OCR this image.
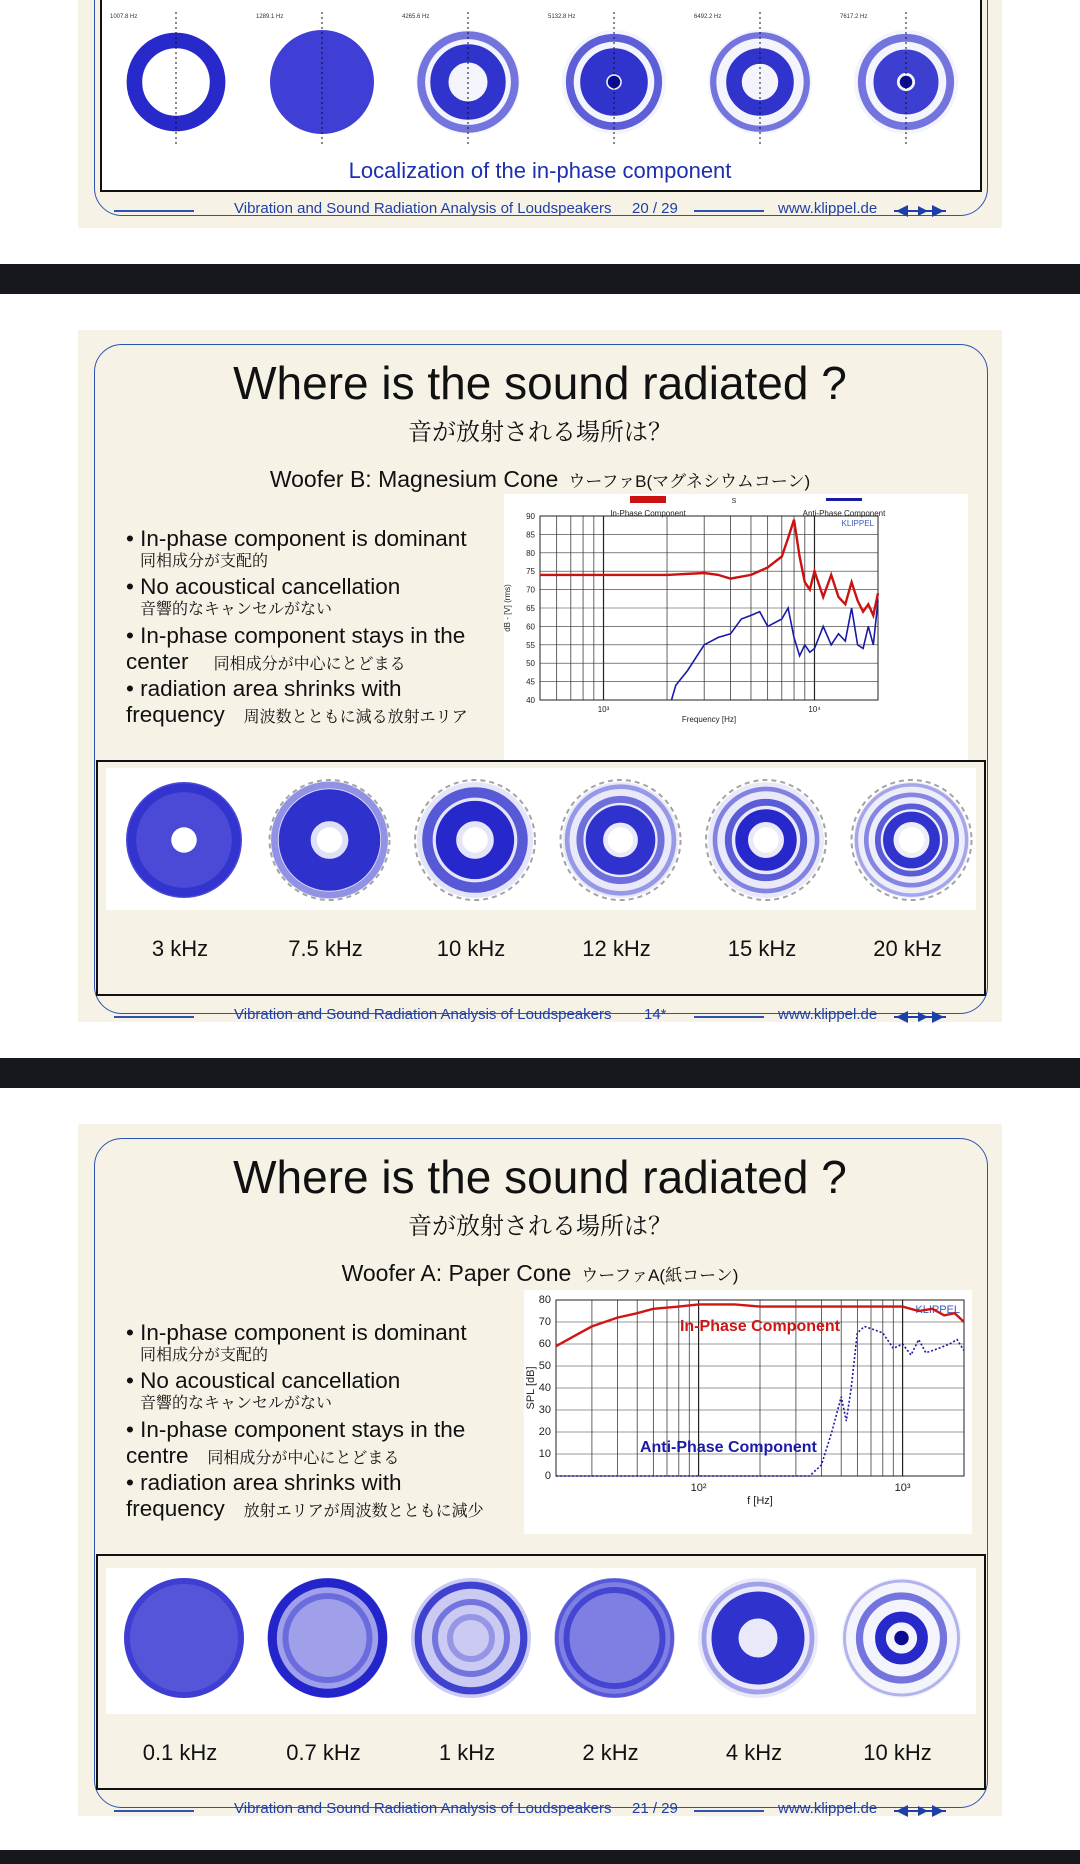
Localization of the in-phase component
Vibration and Sound Radiation Analysis of Loudspeakers 20 / 29	www.klippel.de
1007.8 Hz	1289.1 Hz	4265.6 Hz	5132.8 Hz	6492.2 Hz	7617.2 Hz
Where is the sound radiated ?
音が放射される場所は？
Woofer B: Magnesium Cone ウーファB(マグネシウムコーン)
• In-phase component is dominant
同相成分が支配的
• No acoustical cancellation
音響的なキャンセルがない
• In-phase component stays in the
center 同相成分が中心にとどまる
• radiation area shrinks with
frequency 周波数とともに減る放射エリア
40
45
50
55
60
65
70
75
80
85
90
10³	10⁴
Frequency [Hz]
dB - [V] (rms)
KLIPPEL
In-Phase Component	Anti-Phase Component
S
Vibration and Sound Radiation Analysis of Loudspeakers 14*	www.klippel.de
3 kHz	7.5 kHz	10 kHz	12 kHz	15 kHz	20 kHz
Where is the sound radiated ?
音が放射される場所は？
Woofer A: Paper Cone ウーファA(紙コーン)
• In-phase component is dominant
同相成分が支配的
• No acoustical cancellation
音響的なキャンセルがない
• In-phase component stays in the
centre 同相成分が中心にとどまる
• radiation area shrinks with
frequency 放射エリアが周波数とともに減少
0
10
20
30
40
50
60
70
80
10²	10³
f [Hz]
SPL [dB]
KLIPPEL
In-Phase Component
Anti-Phase Component
Vibration and Sound Radiation Analysis of Loudspeakers 21 / 29	www.klippel.de
0.1 kHz	0.7 kHz	1 kHz	2 kHz	4 kHz	10 kHz
